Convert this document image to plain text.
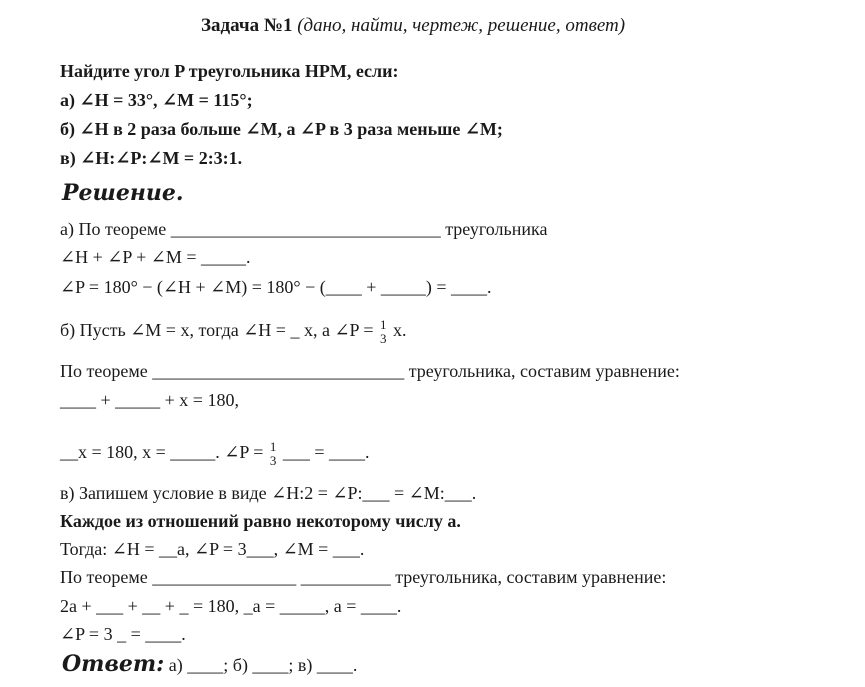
Задача №1 (дано, найти, чертеж, решение, ответ)
Найдите угол P треугольника HPM, если:
а) ∠H = 33°, ∠M = 115°;
б) ∠H в 2 раза больше ∠M, а ∠P в 3 раза меньше ∠M;
в) ∠H:∠P:∠M = 2:3:1.
Решение.
а) По теореме ______________________________ треугольника
∠H + ∠P + ∠M = _____.
∠P = 180° − (∠H + ∠M) = 180° − (____ + _____) = ____.
б) Пусть ∠M = x, тогда ∠H = _ x, а ∠P = 1
3 x.
По теореме ____________________________ треугольника, составим уравнение:
____ + _____ + x = 180,
__x = 180, x = _____. ∠P = 1
3 ___ = ____.
в) Запишем условие в виде ∠H:2 = ∠P:___ = ∠M:___.
Каждое из отношений равно некоторому числу a.
Тогда: ∠H = __a, ∠P = 3___, ∠M = ___.
По теореме ________________ __________ треугольника, составим уравнение:
2a + ___ + __ + _ = 180, _a = _____, a = ____.
∠P = 3 _ = ____.
Ответ: а) ____; б) ____; в) ____.
